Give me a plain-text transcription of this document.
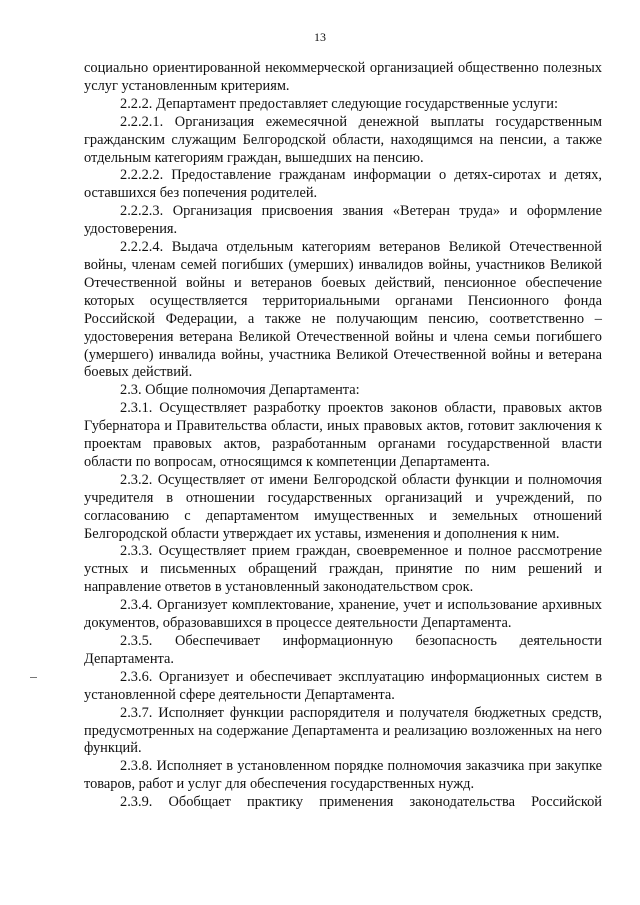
13

социально ориентированной некоммерческой организацией общественно полезных услуг установленным критериям.

2.2.2. Департамент предоставляет следующие государственные услуги:

2.2.2.1. Организация ежемесячной денежной выплаты государственным гражданским служащим Белгородской области, находящимся на пенсии, а также отдельным категориям граждан, вышедших на пенсию.

2.2.2.2. Предоставление гражданам информации о детях-сиротах и детях, оставшихся без попечения родителей.

2.2.2.3. Организация присвоения звания «Ветеран труда» и оформление удостоверения.

2.2.2.4. Выдача отдельным категориям ветеранов Великой Отечественной войны, членам семей погибших (умерших) инвалидов войны, участников Великой Отечественной войны и ветеранов боевых действий, пенсионное обеспечение которых осуществляется территориальными органами Пенсионного фонда Российской Федерации, а также не получающим пенсию, соответственно – удостоверения ветерана Великой Отечественной войны и члена семьи погибшего (умершего) инвалида войны, участника Великой Отечественной войны и ветерана боевых действий.

2.3. Общие полномочия Департамента:

2.3.1. Осуществляет разработку проектов законов области, правовых актов Губернатора и Правительства области, иных правовых актов, готовит заключения к проектам правовых актов, разработанным органами государственной власти области по вопросам, относящимся к компетенции Департамента.

2.3.2. Осуществляет от имени Белгородской области функции и полномочия учредителя в отношении государственных организаций и учреждений, по согласованию с департаментом имущественных и земельных отношений Белгородской области утверждает их уставы, изменения и дополнения к ним.

2.3.3. Осуществляет прием граждан, своевременное и полное рассмотрение устных и письменных обращений граждан, принятие по ним решений и направление ответов в установленный законодательством срок.

2.3.4. Организует комплектование, хранение, учет и использование архивных документов, образовавшихся в процессе деятельности Департамента.

2.3.5. Обеспечивает информационную безопасность деятельности Департамента.

2.3.6. Организует и обеспечивает эксплуатацию информационных систем в установленной сфере деятельности Департамента.

2.3.7. Исполняет функции распорядителя и получателя бюджетных средств, предусмотренных на содержание Департамента и реализацию возложенных на него функций.

2.3.8. Исполняет в установленном порядке полномочия заказчика при закупке товаров, работ и услуг для обеспечения государственных нужд.

2.3.9. Обобщает практику применения законодательства Российской
